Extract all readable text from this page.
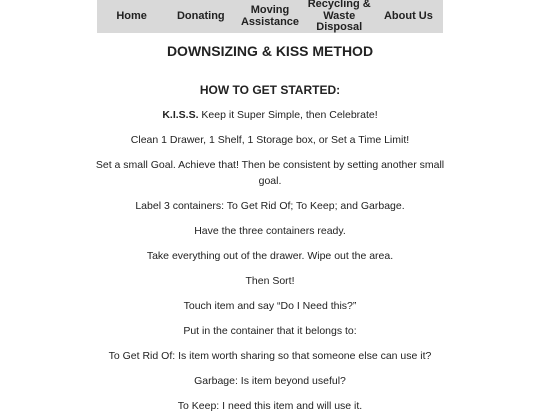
Home	Donating	Moving
Assistance
Recycling &
Waste
Disposal
About Us
DOWNSIZING & KISS METHOD
HOW TO GET STARTED:

K.I.S.S. Keep it Super Simple, then Celebrate!

Clean 1 Drawer, 1 Shelf, 1 Storage box, or Set a Time Limit!

Set a small Goal. Achieve that! Then be consistent by setting another small goal.

Label 3 containers: To Get Rid Of; To Keep; and Garbage.

Have the three containers ready.

Take everything out of the drawer. Wipe out the area.

Then Sort!

Touch item and say “Do I Need this?”

Put in the container that it belongs to:

To Get Rid Of: Is item worth sharing so that someone else can use it?

Garbage: Is item beyond useful?

To Keep: I need this item and will use it.
